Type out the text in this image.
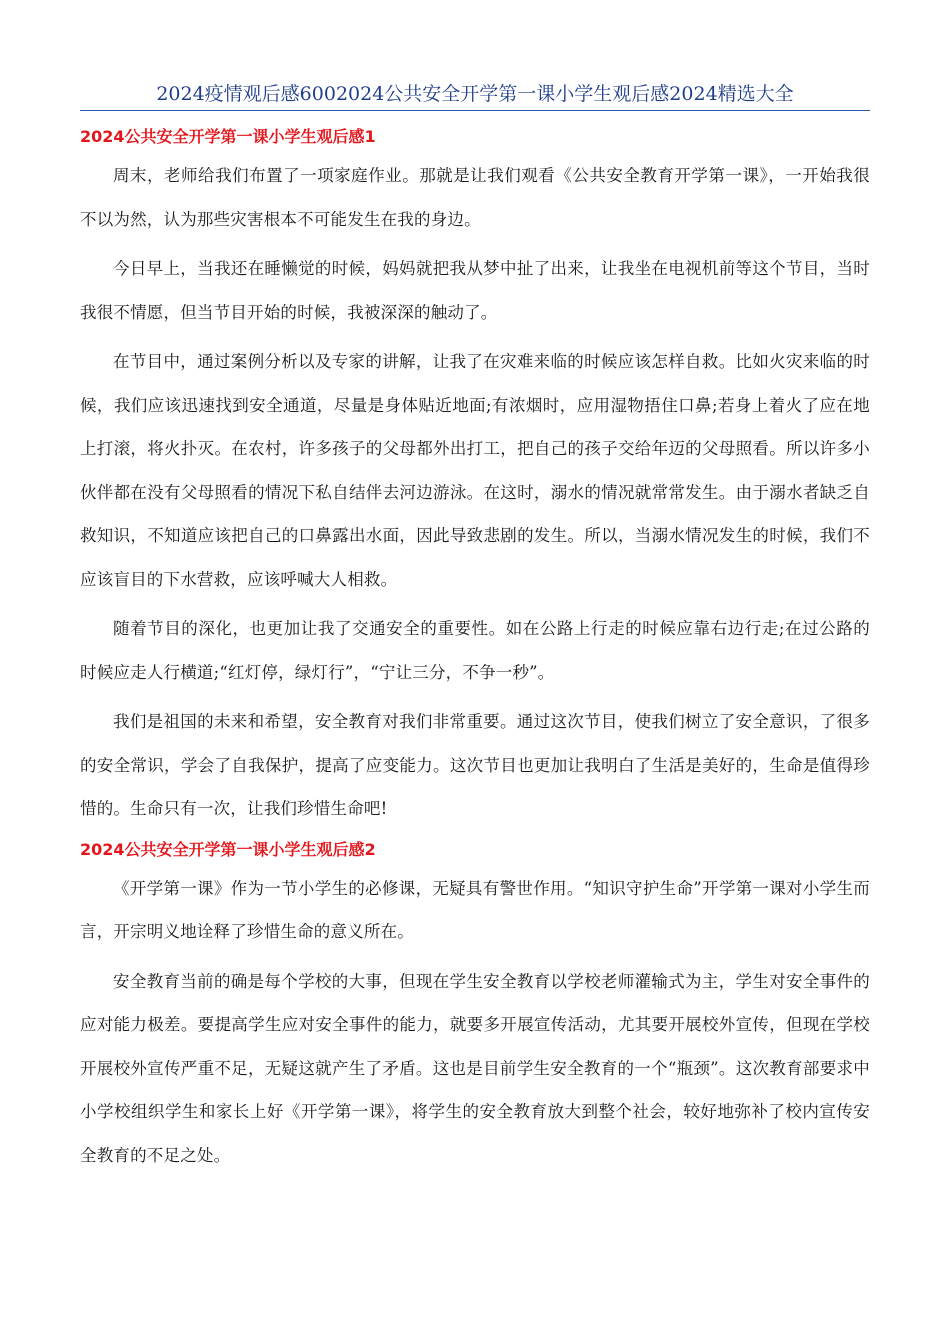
2024疫情观后感6002024公共安全开学第一课小学生观后感2024精选大全
2024公共安全开学第一课小学生观后感1

周末，老师给我们布置了一项家庭作业。那就是让我们观看《公共安全教育开学第一课》，一开始我很不以为然，认为那些灾害根本不可能发生在我的身边。

今日早上，当我还在睡懒觉的时候，妈妈就把我从梦中扯了出来，让我坐在电视机前等这个节目，当时我很不情愿，但当节目开始的时候，我被深深的触动了。

在节目中，通过案例分析以及专家的讲解，让我了在灾难来临的时候应该怎样自救。比如火灾来临的时候，我们应该迅速找到安全通道，尽量是身体贴近地面;有浓烟时，应用湿物捂住口鼻;若身上着火了应在地上打滚，将火扑灭。在农村，许多孩子的父母都外出打工，把自己的孩子交给年迈的父母照看。所以许多小伙伴都在没有父母照看的情况下私自结伴去河边游泳。在这时，溺水的情况就常常发生。由于溺水者缺乏自救知识，不知道应该把自己的口鼻露出水面，因此导致悲剧的发生。所以，当溺水情况发生的时候，我们不应该盲目的下水营救，应该呼喊大人相救。

随着节目的深化，也更加让我了交通安全的重要性。如在公路上行走的时候应靠右边行走;在过公路的时候应走人行横道;“红灯停，绿灯行”，“宁让三分，不争一秒”。

我们是祖国的未来和希望，安全教育对我们非常重要。通过这次节目，使我们树立了安全意识，了很多的安全常识，学会了自我保护，提高了应变能力。这次节目也更加让我明白了生活是美好的，生命是值得珍惜的。生命只有一次，让我们珍惜生命吧!

2024公共安全开学第一课小学生观后感2

《开学第一课》作为一节小学生的必修课，无疑具有警世作用。“知识守护生命”开学第一课对小学生而言，开宗明义地诠释了珍惜生命的意义所在。

安全教育当前的确是每个学校的大事，但现在学生安全教育以学校老师灌输式为主，学生对安全事件的应对能力极差。要提高学生应对安全事件的能力，就要多开展宣传活动，尤其要开展校外宣传，但现在学校开展校外宣传严重不足，无疑这就产生了矛盾。这也是目前学生安全教育的一个“瓶颈”。这次教育部要求中小学校组织学生和家长上好《开学第一课》，将学生的安全教育放大到整个社会，较好地弥补了校内宣传安全教育的不足之处。
